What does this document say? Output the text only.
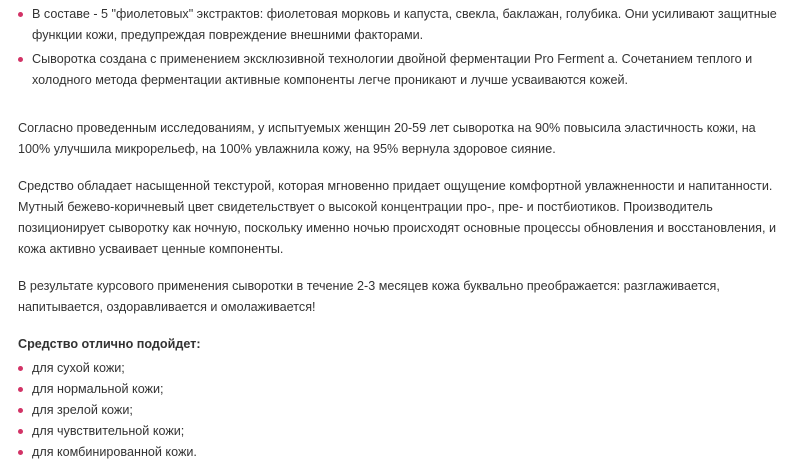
В составе - 5 "фиолетовых" экстрактов: фиолетовая морковь и капуста, свекла, баклажан, голубика. Они усиливают защитные функции кожи, предупреждая повреждение внешними факторами.
Сыворотка создана с применением эксклюзивной технологии двойной ферментации Pro Ferment a. Сочетанием теплого и холодного метода ферментации активные компоненты легче проникают и лучше усваиваются кожей.

Согласно проведенным исследованиям, у испытуемых женщин 20-59 лет сыворотка на 90% повысила эластичность кожи, на 100% улучшила микрорельеф, на 100% увлажнила кожу, на 95% вернула здоровое сияние.

Средство обладает насыщенной текстурой, которая мгновенно придает ощущение комфортной увлажненности и напитанности. Мутный бежево-коричневый цвет свидетельствует о высокой концентрации про-, пре- и постбиотиков. Производитель позиционирует сыворотку как ночную, поскольку именно ночью происходят основные процессы обновления и восстановления, и кожа активно усваивает ценные компоненты.

В результате курсового применения сыворотки в течение 2-3 месяцев кожа буквально преображается: разглаживается, напитывается, оздоравливается и омолаживается!

Средство отлично подойдет:
для сухой кожи;
для нормальной кожи;
для зрелой кожи;
для чувствительной кожи;
для комбинированной кожи.
